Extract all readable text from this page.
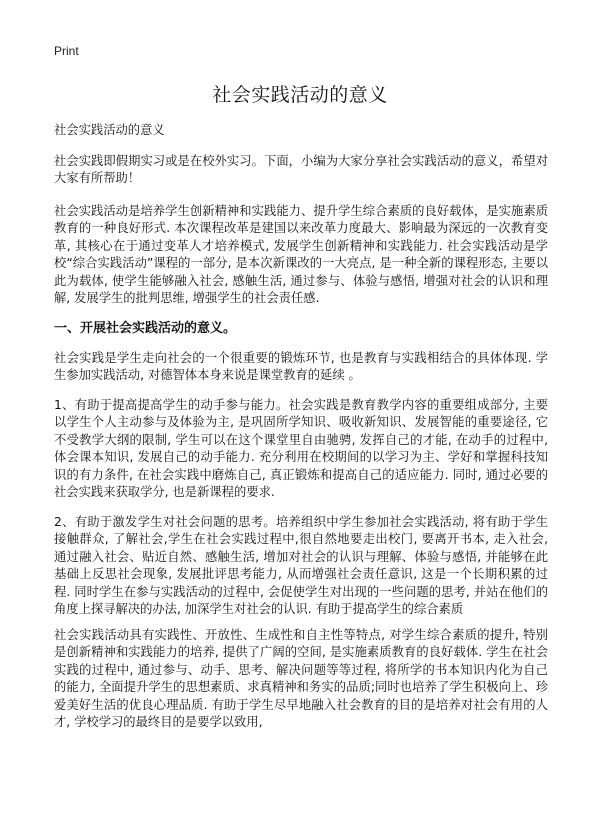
Print
社会实践活动的意义

社会实践活动的意义

社会实践即假期实习或是在校外实习。下面，小编为大家分享社会实践活动的意义，希望对大家有所帮助！

社会实践活动是培养学生创新精神和实践能力、提升学生综合素质的良好载体，是实施素质教育的一种良好形式. 本次课程改革是建国以来改革力度最大、影响最为深远的一次教育变革, 其核心在于通过变革人才培养模式, 发展学生创新精神和实践能力. 社会实践活动是学校“综合实践活动”课程的一部分, 是本次新课改的一大亮点, 是一种全新的课程形态, 主要以此为载体, 使学生能够融入社会, 感触生活, 通过参与、体验与感悟, 增强对社会的认识和理解, 发展学生的批判思维, 增强学生的社会责任感.

一、开展社会实践活动的意义。

社会实践是学生走向社会的一个很重要的锻炼环节, 也是教育与实践相结合的具体体现. 学生参加实践活动, 对德智体本身来说是课堂教育的延续 。

1、有助于提高提高学生的动手参与能力。社会实践是教育教学内容的重要组成部分, 主要以学生个人主动参与及体验为主, 是巩固所学知识、吸收新知识、发展智能的重要途径, 它不受教学大纲的限制, 学生可以在这个课堂里自由驰骋, 发挥自己的才能, 在动手的过程中, 体会课本知识, 发展自己的动手能力. 充分利用在校期间的以学习为主、学好和掌握科技知识的有力条件, 在社会实践中磨炼自己, 真正锻炼和提高自己的适应能力. 同时, 通过必要的社会实践来获取学分, 也是新课程的要求.

2、有助于激发学生对社会问题的思考。培养组织中学生参加社会实践活动, 将有助于学生接触群众, 了解社会,学生在社会实践过程中,很自然地要走出校门, 要离开书本, 走入社会, 通过融入社会、贴近自然、感触生活, 增加对社会的认识与理解、体验与感悟, 并能够在此基础上反思社会现象, 发展批评思考能力, 从而增强社会责任意识, 这是一个长期积累的过程. 同时学生在参与实践活动的过程中, 会促使学生对出现的一些问题的思考, 并站在他们的角度上探寻解决的办法, 加深学生对社会的认识. 有助于提高学生的综合素质

社会实践活动具有实践性、开放性、生成性和自主性等特点, 对学生综合素质的提升, 特别是创新精神和实践能力的培养, 提供了广阔的空间, 是实施素质教育的良好载体. 学生在社会实践的过程中, 通过参与、动手、思考、解决问题等等过程, 将所学的书本知识内化为自己的能力, 全面提升学生的思想素质、求真精神和务实的品质;同时也培养了学生积极向上、珍爱美好生活的优良心理品质. 有助于学生尽早地融入社会教育的目的是培养对社会有用的人才, 学校学习的最终目的是要学以致用,
